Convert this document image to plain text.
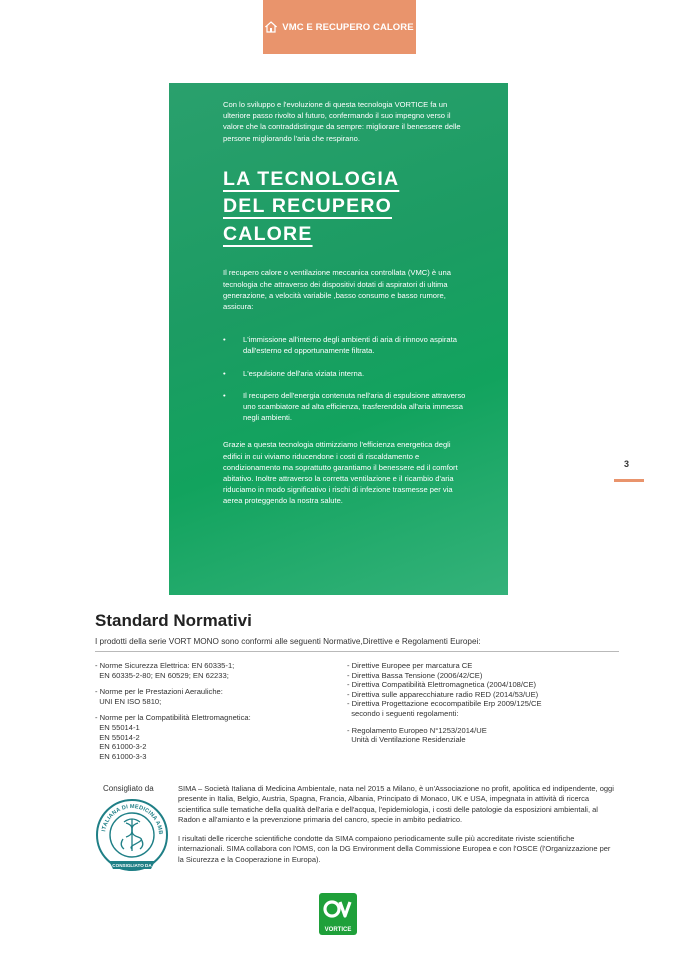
VMC E RECUPERO CALORE

Con lo sviluppo e l'evoluzione di questa tecnologia VORTICE fa un ulteriore passo rivolto al futuro, confermando il suo impegno verso il valore che la contraddistingue da sempre: migliorare il benessere delle persone migliorando l'aria che respirano.

LA TECNOLOGIA
DEL RECUPERO
CALORE

Il recupero calore o ventilazione meccanica controllata (VMC) è una tecnologia che attraverso dei dispositivi dotati di aspiratori di ultima generazione, a velocità variabile ,basso consumo e basso rumore, assicura:

• L'immissione all'interno degli ambienti di aria di rinnovo aspirata dall'esterno ed opportunamente filtrata.
• L'espulsione dell'aria viziata interna.
• Il recupero dell'energia contenuta nell'aria di espulsione attraverso uno scambiatore ad alta efficienza, trasferendola all'aria immessa negli ambienti.

Grazie a questa tecnologia ottimizziamo l'efficienza energetica degli edifici in cui viviamo riducendone i costi di riscaldamento e condizionamento ma soprattutto garantiamo il benessere ed il comfort abitativo. Inoltre attraverso la corretta ventilazione e il ricambio d'aria riduciamo in modo significativo i rischi di infezione trasmesse per via aerea proteggendo la nostra salute.

3
Standard Normativi
I prodotti della serie VORT MONO sono conformi alle seguenti Normative,Direttive e Regolamenti Europei:
- Norme Sicurezza Elettrica: EN 60335-1;
EN 60335-2-80; EN 60529; EN 62233;
- Norme per le Prestazioni Aerauliche:
UNI EN ISO 5810;
- Norme per la Compatibilità Elettromagnetica:
EN 55014-1
EN 55014-2
EN 61000-3-2
EN 61000-3-3
- Direttive Europee per marcatura CE
- Direttiva Bassa Tensione (2006/42/CE)
- Direttiva Compatibilità Elettromagnetica (2004/108/CE)
- Direttiva sulle apparecchiature radio RED (2014/53/UE)
- Direttiva Progettazione ecocompatibile Erp 2009/125/CE
secondo i seguenti regolamenti:
- Regolamento Europeo N°1253/2014/UE
Unità di Ventilazione Residenziale
Consigliato da
ITALIANA DI MEDICINA AMB
CONSIGLIATO DA

SIMA – Società Italiana di Medicina Ambientale, nata nel 2015 a Milano, è un'Associazione no profit, apolitica ed indipendente, oggi presente in Italia, Belgio, Austria, Spagna, Francia, Albania, Principato di Monaco, UK e USA, impegnata in attività di ricerca scientifica sulle tematiche della qualità dell'aria e dell'acqua, l'epidemiologia, i costi delle patologie da esposizioni ambientali, al Radon e all'amianto e la prevenzione primaria del cancro, specie in ambito pediatrico.

I risultati delle ricerche scientifiche condotte da SIMA compaiono periodicamente sulle più accreditate riviste scientifiche internazionali. SIMA collabora con l'OMS, con la DG Environment della Commissione Europea e con l'OSCE (l'Organizzazione per la Sicurezza e la Cooperazione in Europa).

VORTICE
